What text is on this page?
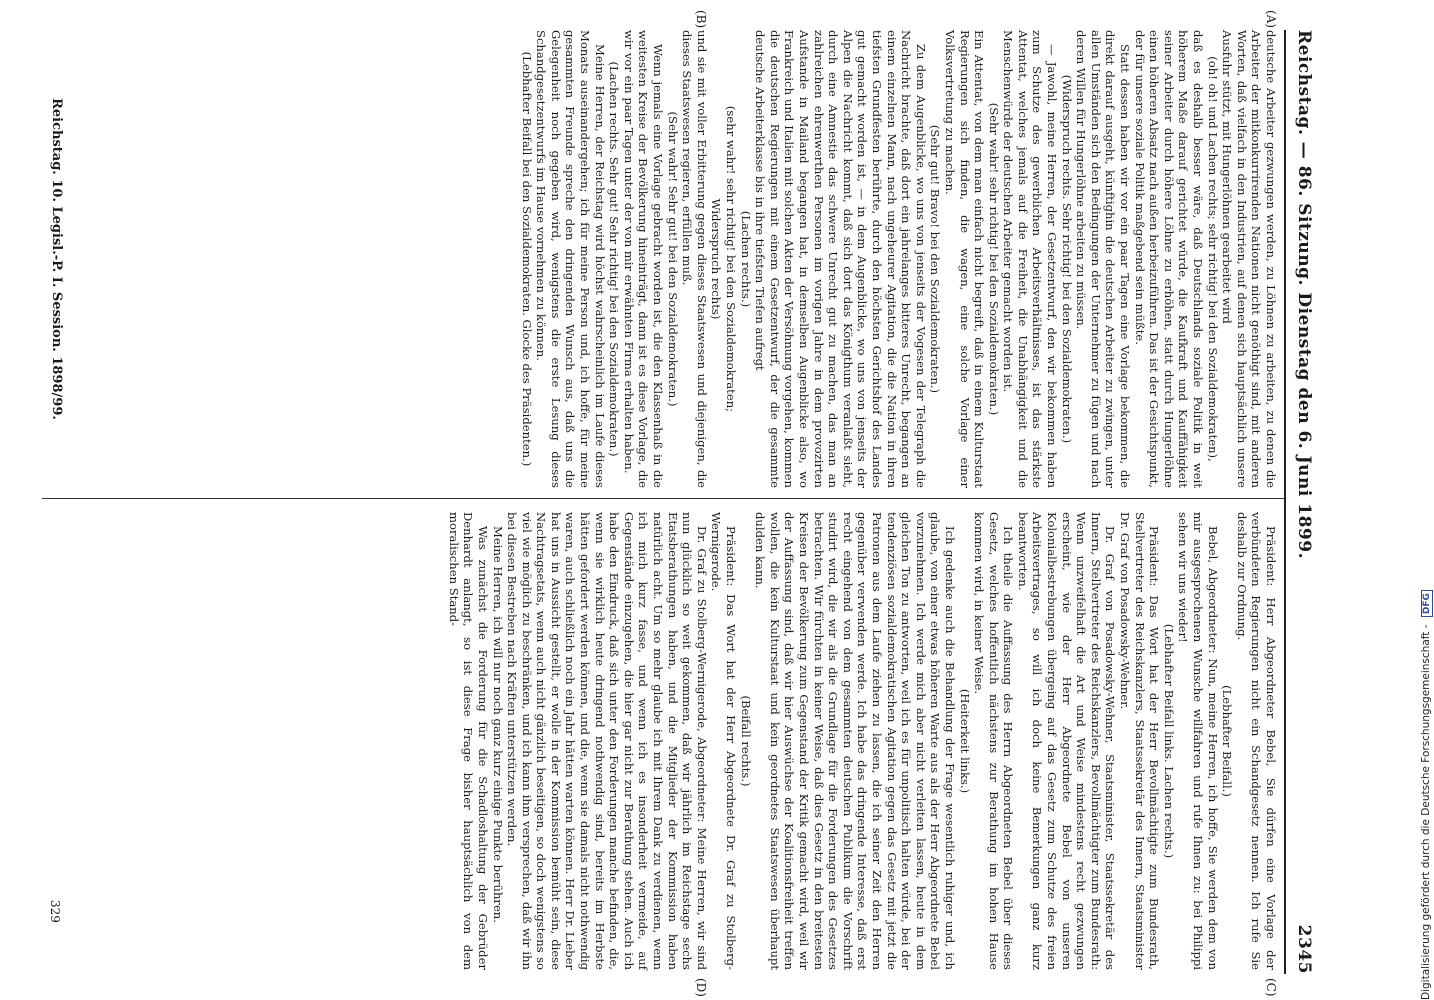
Reichstag. — 86. Sitzung. Dienstag den 6. Juni 1899.
2345
(A)
(B)
(C)
(D)

deutsche Arbeiter gezwungen werden, zu Löhnen zu arbeiten, zu denen die Arbeiter der mitkonkurrirenden Nationen nicht genöthigt sind, mit anderen Worten, daß vielfach in den Industrien, auf denen sich hauptsächlich unsere Ausfuhr stützt, mit Hungerlöhnen gearbeitet wird

(oh! oh! und Lachen rechts; sehr richtig! bei den Sozialdemokraten),

daß es deshalb besser wäre, daß Deutschlands soziale Politik in weit höherem Maße darauf gerichtet würde, die Kaufkraft und Kauffähigkeit seiner Arbeiter durch höhere Löhne zu erhöhen, statt durch Hungerlöhne einen höheren Absatz nach außen herbeizuführen. Das ist der Gesichtspunkt, der für unsere soziale Politik maßgebend sein müßte.

Statt dessen haben wir vor ein paar Tagen eine Vorlage bekommen, die direkt darauf ausgeht, künftighin die deutschen Arbeiter zu zwingen, unter allen Umständen sich den Bedingungen der Unternehmer zu fügen und nach deren Willen für Hungerlöhne arbeiten zu müssen.

(Widerspruch rechts. Sehr richtig! bei den Sozialdemokraten.)

— Jawohl, meine Herren, der Gesetzentwurf, den wir bekommen haben zum Schutze des gewerblichen Arbeitsverhältnisses, ist das stärkste Attentat, welches jemals auf die Freiheit, die Unabhängigkeit und die Menschenwürde der deutschen Arbeiter gemacht worden ist.

(Sehr wahr! sehr richtig! bei den Sozialdemokraten.)

Ein Attentat, von dem man einfach nicht begreift, daß in einem Kulturstaat Regierungen sich finden, die wagen, eine solche Vorlage einer Volksvertretung zu machen.

(Sehr gut! Bravo! bei den Sozialdemokraten.)

Zu dem Augenblicke, wo uns von jenseits der Vogesen der Telegraph die Nachricht brachte, daß dort ein jahrelanges bitteres Unrecht, begangen an einem einzelnen Mann, nach ungeheurer Agitation, die die Nation in ihren tiefsten Grundfesten berührte, durch den höchsten Gerichtshof des Landes gut gemacht worden ist, — in dem Augenblicke, wo uns von jenseits der Alpen die Nachricht kommt, daß sich dort das Königthum veranlaßt sieht, durch eine Amnestie das schwere Unrecht gut zu machen, das man an zahlreichen ehrenwerthen Personen im vorigen Jahre in dem provozirten Aufstande in Mailand begangen hat, in demselben Augenblicke also, wo Frankreich und Italien mit solchen Akten der Versöhnung vorgehen, kommen die deutschen Regierungen mit einem Gesetzentwurf, der die gesammte deutsche Arbeiterklasse bis in ihre tiefsten Tiefen aufregt

(Lachen rechts.)

(sehr wahr! sehr richtig! bei den Sozialdemokraten;

Widerspruch rechts)

und sie mit voller Erbitterung gegen dieses Staatswesen und diejenigen, die dieses Staatswesen regieren, erfüllen muß.

(Sehr wahr! Sehr gut! bei den Sozialdemokraten.)

Wenn jemals eine Vorlage gebracht worden ist, die den Klassenhaß in die weitesten Kreise der Bevölkerung hineinträgt, dann ist es diese Vorlage, die wir vor ein paar Tagen unter der von mir erwähnten Firma erhalten haben.

(Lachen rechts. Sehr gut! Sehr richtig! bei den Sozialdemokraten.)

Meine Herren, der Reichstag wird höchst wahrscheinlich im Laufe dieses Monats auseinandergehen; ich für meine Person und, ich hoffe, für meine gesammten Freunde spreche den dringenden Wunsch aus, daß uns die Gelegenheit noch gegeben wird, wenigstens die erste Lesung dieses Schandgesetzentwurfs im Hause vornehmen zu können.

(Lebhafter Beifall bei den Sozialdemokraten. Glocke des Präsidenten.)

Präsident: Herr Abgeordneter Bebel, Sie dürfen eine Vorlage der verbündeten Regierungen nicht ein Schandgesetz nennen. Ich rufe Sie deshalb zur Ordnung.

(Lebhafter Beifall.)

Bebel, Abgeordneter: Nun, meine Herren, ich hoffe, Sie werden dem von mir ausgesprochenen Wunsche willfahren und rufe Ihnen zu: bei Philippi sehen wir uns wieder!

(Lebhafter Beifall links. Lachen rechts.)

Präsident: Das Wort hat der Herr Bevollmächtigte zum Bundesrath, Stellvertreter des Reichskanzlers, Staatssekretär des Innern, Staatsminister Dr. Graf von Posadowsky-Wehner.

Dr. Graf von Posadowsky-Wehner, Staatsminister, Staatssekretär des Innern, Stellvertreter des Reichskanzlers, Bevollmächtigter zum Bundesrath: Wenn unzweifelhaft die Art und Weise mindestens recht gezwungen erscheint, wie der Herr Abgeordnete Bebel von unseren Kolonialbestrebungen übergeing auf das Gesetz zum Schutze des freien Arbeitsvertrages, so will ich doch keine Bemerkungen ganz kurz beantworten.

Ich theile die Auffassung des Herrn Abgeordneten Bebel über dieses Gesetz, welches hoffentlich nächstens zur Berathung im hohen Hause kommen wird, in keiner Weise.

(Heiterkeit links.)

Ich gedenke auch die Behandlung der Frage wesentlich ruhiger und, ich glaube, von einer etwas höheren Warte aus als der Herr Abgeordnete Bebel vorzunehmen. Ich werde mich aber nicht verleiten lassen, heute in dem gleichen Ton zu antworten, weil ich es für unpolitisch halten würde, bei der tendenziösen sozialdemokratischen Agitation gegen das Gesetz mit jetzt die Patronen aus dem Laufe ziehen zu lassen, die ich seiner Zeit den Herren gegenüber verwenden werde. Ich habe das dringende Interesse, daß erst recht eingehend von dem gesammten deutschen Publikum die Vorschrift studirt wird, die wir als die Grundlage für die Forderungen des Gesetzes betrachten. Wir fürchten in keiner Weise, daß dies Gesetz in den breitesten Kreisen der Bevölkerung zum Gegenstand der Kritik gemacht wird, weil wir der Auffassung sind, daß wir hier Auswüchse der Koalitionsfreiheit treffen wollen, die kein Kulturstaat und kein geordnetes Staatswesen überhaupt dulden kann.

(Beifall rechts.)

Präsident: Das Wort hat der Herr Abgeordnete Dr. Graf zu Stolberg-Wernigerode.

Dr. Graf zu Stolberg-Wernigerode, Abgeordneter: Meine Herren, wir sind nun glücklich so weit gekommen, daß wir jährlich im Reichstage sechs Etatsberathungen haben, und die Mitglieder der Kommission haben natürlich acht. Um so mehr glaube ich mit Ihrem Dank zu verdienen, wenn ich mich kurz fasse, und wenn ich es insonderheit vermeide, auf Gegenstände einzugehen, die hier gar nicht zur Berathung stehen. Auch ich habe den Eindruck, daß sich unter den Forderungen manche befinden, die, wenn sie wirklich heute dringend nothwendig sind, bereits im Herbste hätten gefordert werden können, und die, wenn sie damals nicht nothwendig waren, auch schließlich noch ein Jahr hätten warten können. Herr Dr. Lieber hat uns in Aussicht gestellt, er wolle in der Kommission bemüht sein, diese Nachtragsetats, wenn auch nicht gänzlich beseitigen, so doch wenigstens so viel wie möglich zu beschränken, und ich kann ihm versprechen, daß wir ihn bei diesen Bestreben nach Kräften unterstützen werden.

Meine Herren, ich will nur noch ganz kurz einige Punkte berühren.

Was zunächst die Forderung für die Schadloshaltung der Gebrüder Denhardt anlangt, so ist diese Frage bisher hauptsächlich von dem moralischen Stand-

Reichstag. 10. Legisl.-P. I. Session. 1898/99.
329	Digitalisierung gefördert durch die Deutsche Forschungsgemeinschaft - DFG
